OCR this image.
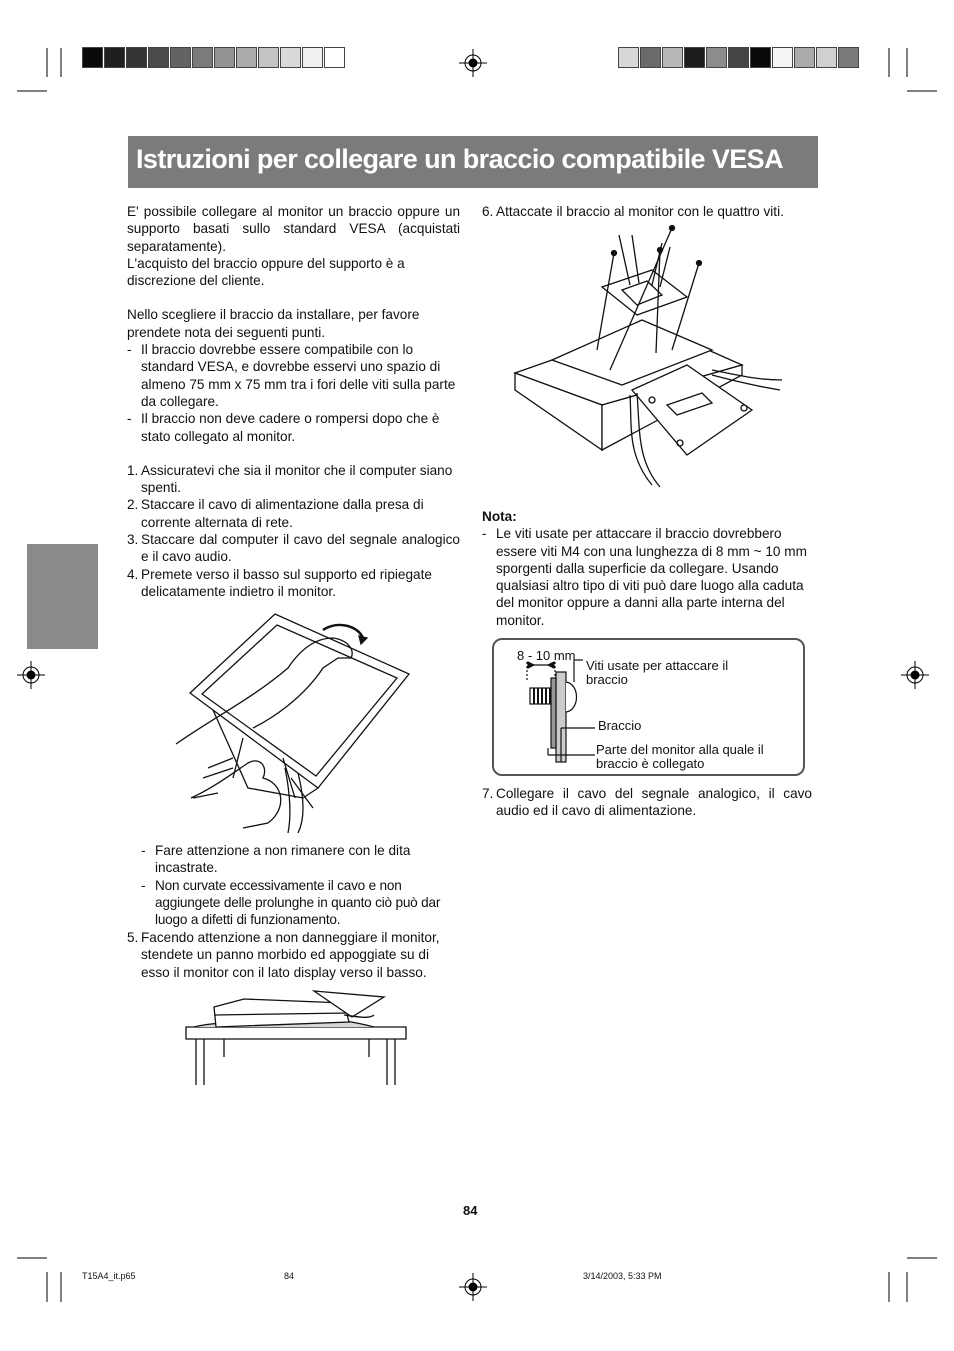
Istruzioni per collegare un braccio compatibile VESA

E' possibile collegare al monitor un braccio oppure un supporto basati sullo standard VESA (acquistati separatamente).

L'acquisto del braccio oppure del supporto è a discrezione del cliente.

Nello scegliere il braccio da installare, per favore prendete nota dei seguenti punti.

- Il braccio dovrebbe essere compatibile con lo standard VESA, e dovrebbe esservi uno spazio di almeno 75 mm x 75 mm tra i fori delle viti sulla parte da collegare.
- Il braccio non deve cadere o rompersi dopo che è stato collegato al monitor.
1. Assicuratevi che sia il monitor che il computer siano spenti.
2. Staccare il cavo di alimentazione dalla presa di corrente alternata di rete.
3. Staccare dal computer il cavo del segnale analogico e il cavo audio.
4. Premete verso il basso sul supporto ed ripiegate delicatamente indietro il monitor.
- Fare attenzione a non rimanere con le dita incastrate.
- Non curvate eccessivamente il cavo e non aggiungete delle prolunghe in quanto ciò può dar luogo a difetti di funzionamento.
5. Facendo attenzione a non danneggiare il monitor, stendete un panno morbido ed appoggiate su di esso il monitor con il lato display verso il basso.
6. Attaccate il braccio al monitor con le quattro viti.

Nota:

- Le viti usate per attaccare il braccio dovrebbero essere viti M4 con una lunghezza di 8 mm ~ 10 mm sporgenti dalla superficie da collegare. Usando qualsiasi altro tipo di viti può dare luogo alla caduta del monitor oppure a danni alla parte interna del monitor.
8 - 10 mm
Viti usate per attaccare il braccio
Braccio
Parte del monitor alla quale il braccio è collegato
7. Collegare il cavo del segnale analogico, il cavo audio ed il cavo di alimentazione.
84
T15A4_it.p65	84	3/14/2003, 5:33 PM
